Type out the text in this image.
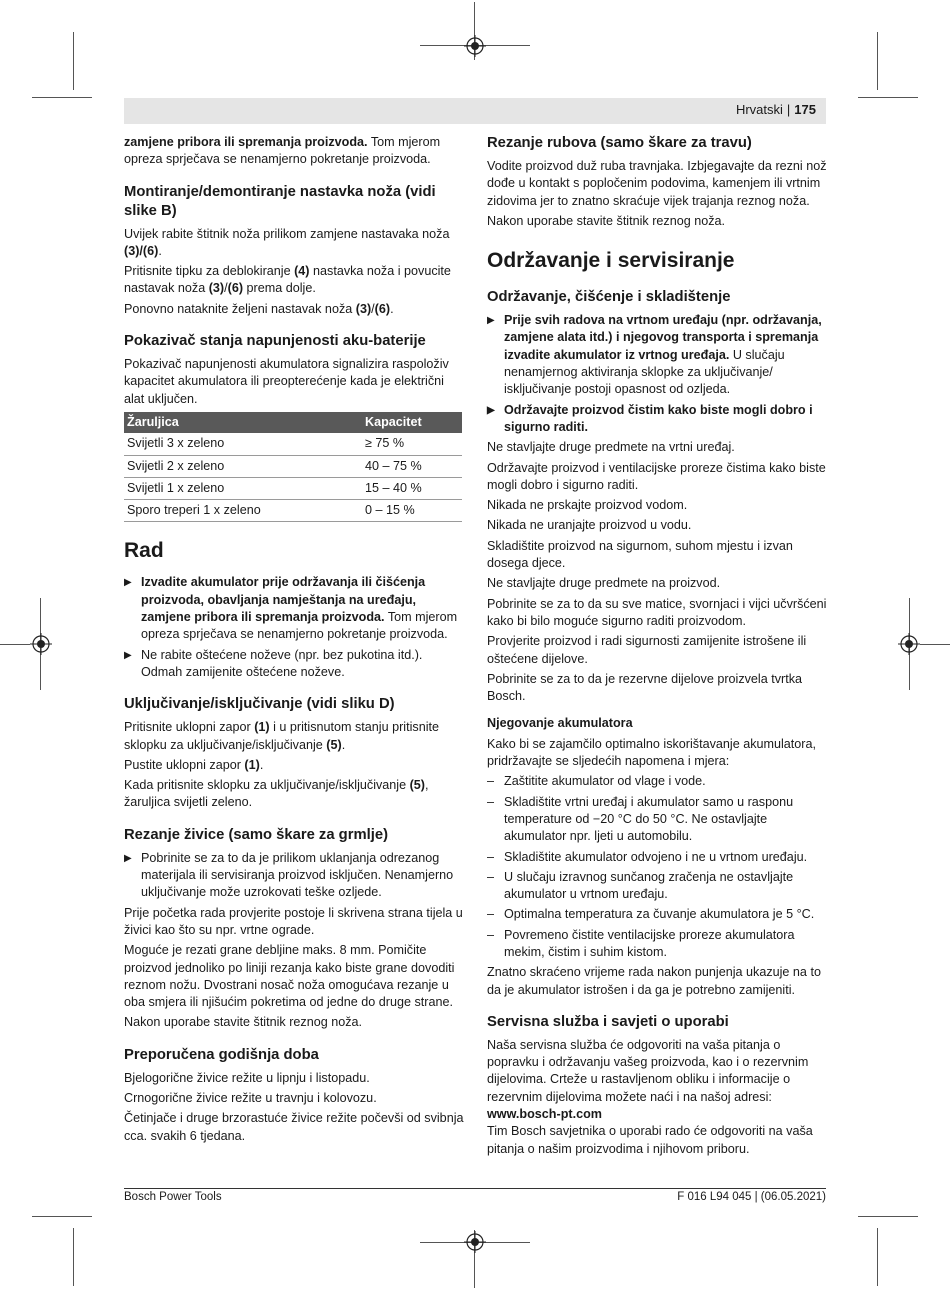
Hrvatski | 175

zamjene pribora ili spremanja proizvoda. Tom mjerom opreza sprječava se nenamjerno pokretanje proizvoda.

Montiranje/demontiranje nastavka noža (vidi slike B)

Uvijek rabite štitnik noža prilikom zamjene nastavaka noža (3)/(6).

Pritisnite tipku za deblokiranje (4) nastavka noža i povucite nastavak noža (3)/(6) prema dolje.

Ponovno nataknite željeni nastavak noža (3)/(6).

Pokazivač stanja napunjenosti aku-baterije

Pokazivač napunjenosti akumulatora signalizira raspoloživ kapacitet akumulatora ili preopterećenje kada je električni alat uključen.

Žaruljica	Kapacitet
Svijetli 3 x zeleno	≥ 75 %
Svijetli 2 x zeleno	40 – 75 %
Svijetli 1 x zeleno	15 – 40 %
Sporo treperi 1 x zeleno	0 – 15 %
Rad

▶ Izvadite akumulator prije održavanja ili čišćenja proizvoda, obavljanja namještanja na uređaju, zamjene pribora ili spremanja proizvoda. Tom mjerom opreza sprječava se nenamjerno pokretanje proizvoda.

▶ Ne rabite oštećene noževe (npr. bez pukotina itd.). Odmah zamijenite oštećene noževe.

Uključivanje/isključivanje (vidi sliku D)

Pritisnite uklopni zapor (1) i u pritisnutom stanju pritisnite sklopku za uključivanje/isključivanje (5).

Pustite uklopni zapor (1).

Kada pritisnite sklopku za uključivanje/isključivanje (5), žaruljica svijetli zeleno.

Rezanje živice (samo škare za grmlje)

▶ Pobrinite se za to da je prilikom uklanjanja odrezanog materijala ili servisiranja proizvod isključen. Nenamjerno uključivanje može uzrokovati teške ozljede.

Prije početka rada provjerite postoje li skrivena strana tijela u živici kao što su npr. vrtne ograde.

Moguće je rezati grane debljine maks. 8 mm. Pomičite proizvod jednoliko po liniji rezanja kako biste grane dovoditi reznom nožu. Dvostrani nosač noža omogućava rezanje u oba smjera ili njišućim pokretima od jedne do druge strane.

Nakon uporabe stavite štitnik reznog noža.

Preporučena godišnja doba

Bjelogorične živice režite u lipnju i listopadu.

Crnogorične živice režite u travnju i kolovozu.

Četinjače i druge brzorastuće živice režite počevši od svibnja cca. svakih 6 tjedana.

Rezanje rubova (samo škare za travu)

Vodite proizvod duž ruba travnjaka. Izbjegavajte da rezni nož dođe u kontakt s popločenim podovima, kamenjem ili vrtnim zidovima jer to znatno skraćuje vijek trajanja reznog noža.

Nakon uporabe stavite štitnik reznog noža.

Održavanje i servisiranje
Održavanje, čišćenje i skladištenje

▶ Prije svih radova na vrtnom uređaju (npr. održavanja, zamjene alata itd.) i njegovog transporta i spremanja izvadite akumulator iz vrtnog uređaja. U slučaju nenamjernog aktiviranja sklopke za uključivanje/ isključivanje postoji opasnost od ozljeda.

▶ Održavajte proizvod čistim kako biste mogli dobro i sigurno raditi.

Ne stavljajte druge predmete na vrtni uređaj.

Održavajte proizvod i ventilacijske proreze čistima kako biste mogli dobro i sigurno raditi.

Nikada ne prskajte proizvod vodom.

Nikada ne uranjajte proizvod u vodu.

Skladištite proizvod na sigurnom, suhom mjestu i izvan dosega djece.

Ne stavljajte druge predmete na proizvod.

Pobrinite se za to da su sve matice, svornjaci i vijci učvršćeni kako bi bilo moguće sigurno raditi proizvodom.

Provjerite proizvod i radi sigurnosti zamijenite istrošene ili oštećene dijelove.

Pobrinite se za to da je rezervne dijelove proizvela tvrtka Bosch.

Njegovanje akumulatora

Kako bi se zajamčilo optimalno iskorištavanje akumulatora, pridržavajte se sljedećih napomena i mjera:

– Zaštitite akumulator od vlage i vode.

– Skladištite vrtni uređaj i akumulator samo u rasponu temperature od −20 °C do 50 °C. Ne ostavljajte akumulator npr. ljeti u automobilu.

– Skladištite akumulator odvojeno i ne u vrtnom uređaju.

– U slučaju izravnog sunčanog zračenja ne ostavljajte akumulator u vrtnom uređaju.

– Optimalna temperatura za čuvanje akumulatora je 5 °C.

– Povremeno čistite ventilacijske proreze akumulatora mekim, čistim i suhim kistom.

Znatno skraćeno vrijeme rada nakon punjenja ukazuje na to da je akumulator istrošen i da ga je potrebno zamijeniti.

Servisna služba i savjeti o uporabi

Naša servisna služba će odgovoriti na vaša pitanja o popravku i održavanju vašeg proizvoda, kao i o rezervnim dijelovima. Crteže u rastavljenom obliku i informacije o rezervnim dijelovima možete naći i na našoj adresi:

www.bosch-pt.com

Tim Bosch savjetnika o uporabi rado će odgovoriti na vaša pitanja o našim proizvodima i njihovom priboru.

Bosch Power Tools	F 016 L94 045 | (06.05.2021)
